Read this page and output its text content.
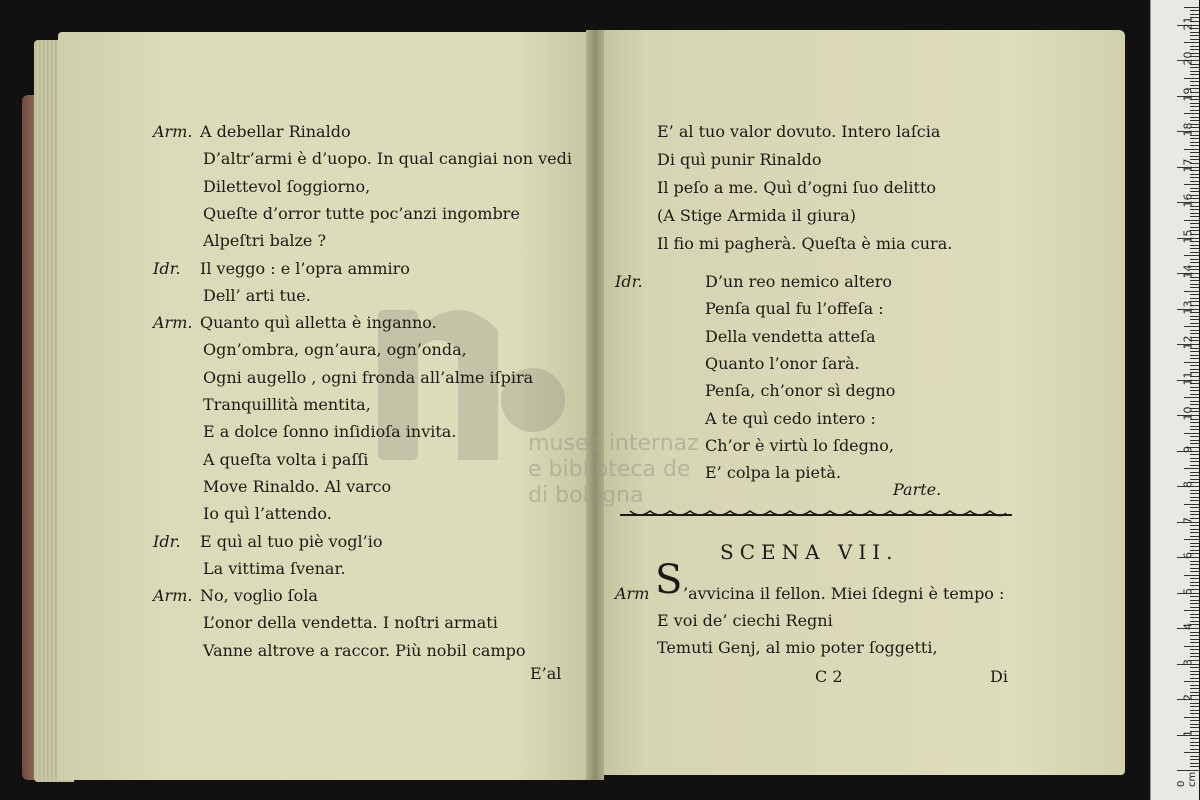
museo internaz
e biblioteca de
di bologna
Arm. A debellar Rinaldo
D’altr’armi è d’uopo. In qual cangiai non vedi
Dilettevol ſoggiorno,
Queſte d’orror tutte poc’anzi ingombre
Alpeſtri balze ?
Idr. Il veggo : e l’opra ammiro
Dell’ arti tue.
Arm. Quanto quì alletta è inganno.
Ogn’ombra, ogn’aura, ogn’onda,
Ogni augello , ogni fronda all’alme iſpira
Tranquillità mentita,
E a dolce ſonno inſidioſa invita.
A queſta volta i paſſi
Move Rinaldo. Al varco
Io quì l’attendo.
Idr. E quì al tuo piè vogl’io
La vittima ſvenar.
Arm. No, voglio ſola
L’onor della vendetta. I noſtri armati
Vanne altrove a raccor. Più nobil campo
E’al
E’ al tuo valor dovuto. Intero laſcia
Di quì punir Rinaldo
Il peſo a me. Quì d’ogni ſuo delitto
(A Stige Armida il giura)
Il fio mi pagherà. Queſta è mia cura.
Idr.	D’un reo nemico altero
Penſa qual fu l’offeſa :
Della vendetta atteſa
Quanto l’onor ſarà.
Penſa, ch’onor sì degno
A te quì cedo intero :
Ch’or è virtù lo ſdegno,
E’ colpa la pietà.
Parte.
SCENA VII.
Arm S ’avvicina il fellon. Miei ſdegni è tempo :
E voi de’ ciechi Regni
Temuti Genj, al mio poter ſoggetti,
C 2	Di
0 cm
1
2
3
4
5
6
7
8
9
10
11
12
13
14
15
16
17
18
19
20
21
